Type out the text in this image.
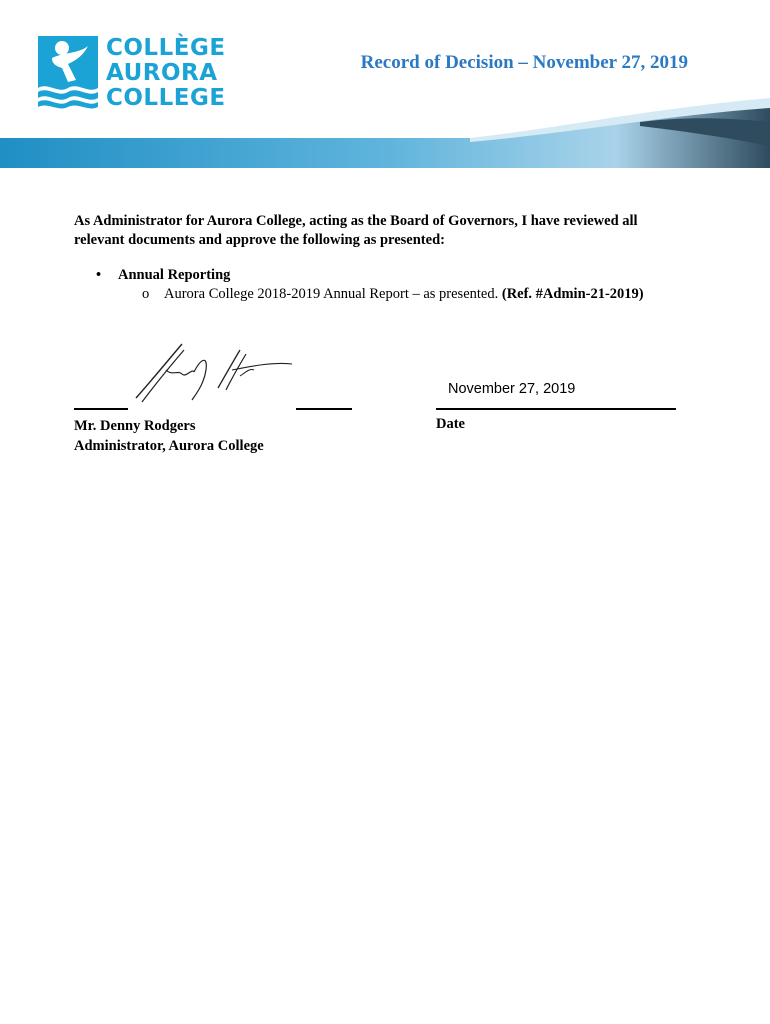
COLLÈGE
AURORA
COLLEGE
Record of Decision – November 27, 2019
As Administrator for Aurora College, acting as the Board of Governors, I have reviewed all relevant documents and approve the following as presented:
• Annual Reporting
o Aurora College 2018-2019 Annual Report – as presented. (Ref. #Admin-21-2019)
November 27, 2019
Mr. Denny Rodgers
Administrator, Aurora College
Date
